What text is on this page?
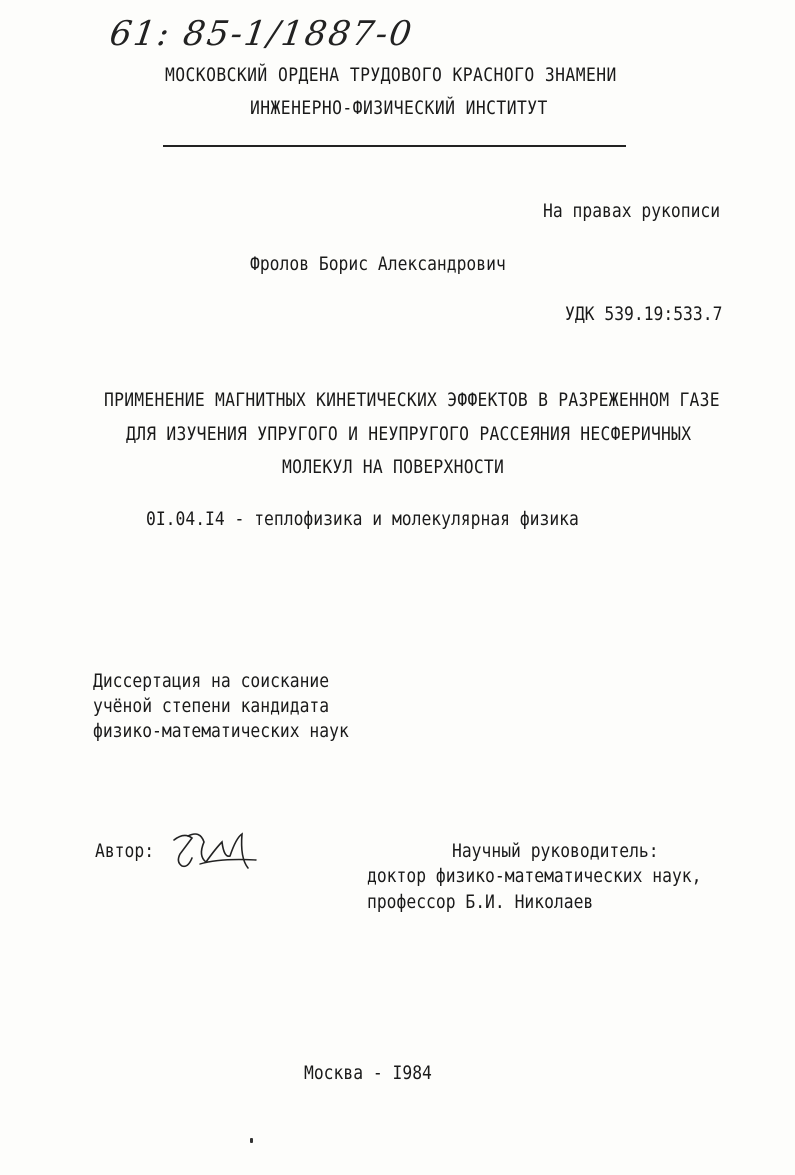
61: 85-1/1887-0
МОСКОВСКИЙ ОРДЕНА ТРУДОВОГО КРАСНОГО ЗНАМЕНИ
ИНЖЕНЕРНО-ФИЗИЧЕСКИЙ ИНСТИТУТ
На правах рукописи
Фролов Борис Александрович
УДК 539.19:533.7
ПРИМЕНЕНИЕ МАГНИТНЫХ КИНЕТИЧЕСКИХ ЭФФЕКТОВ В РАЗРЕЖЕННОМ ГАЗЕ
ДЛЯ ИЗУЧЕНИЯ УПРУГОГО И НЕУПРУГОГО РАССЕЯНИЯ НЕСФЕРИЧНЫХ
МОЛЕКУЛ НА ПОВЕРХНОСТИ
0I.04.I4 - теплофизика и молекулярная физика
Диссертация на соискание
учёной степени кандидата
физико-математических наук
Автор:	Научный руководитель:
доктор физико-математических наук,
профессор Б.И. Николаев
Москва - I984
